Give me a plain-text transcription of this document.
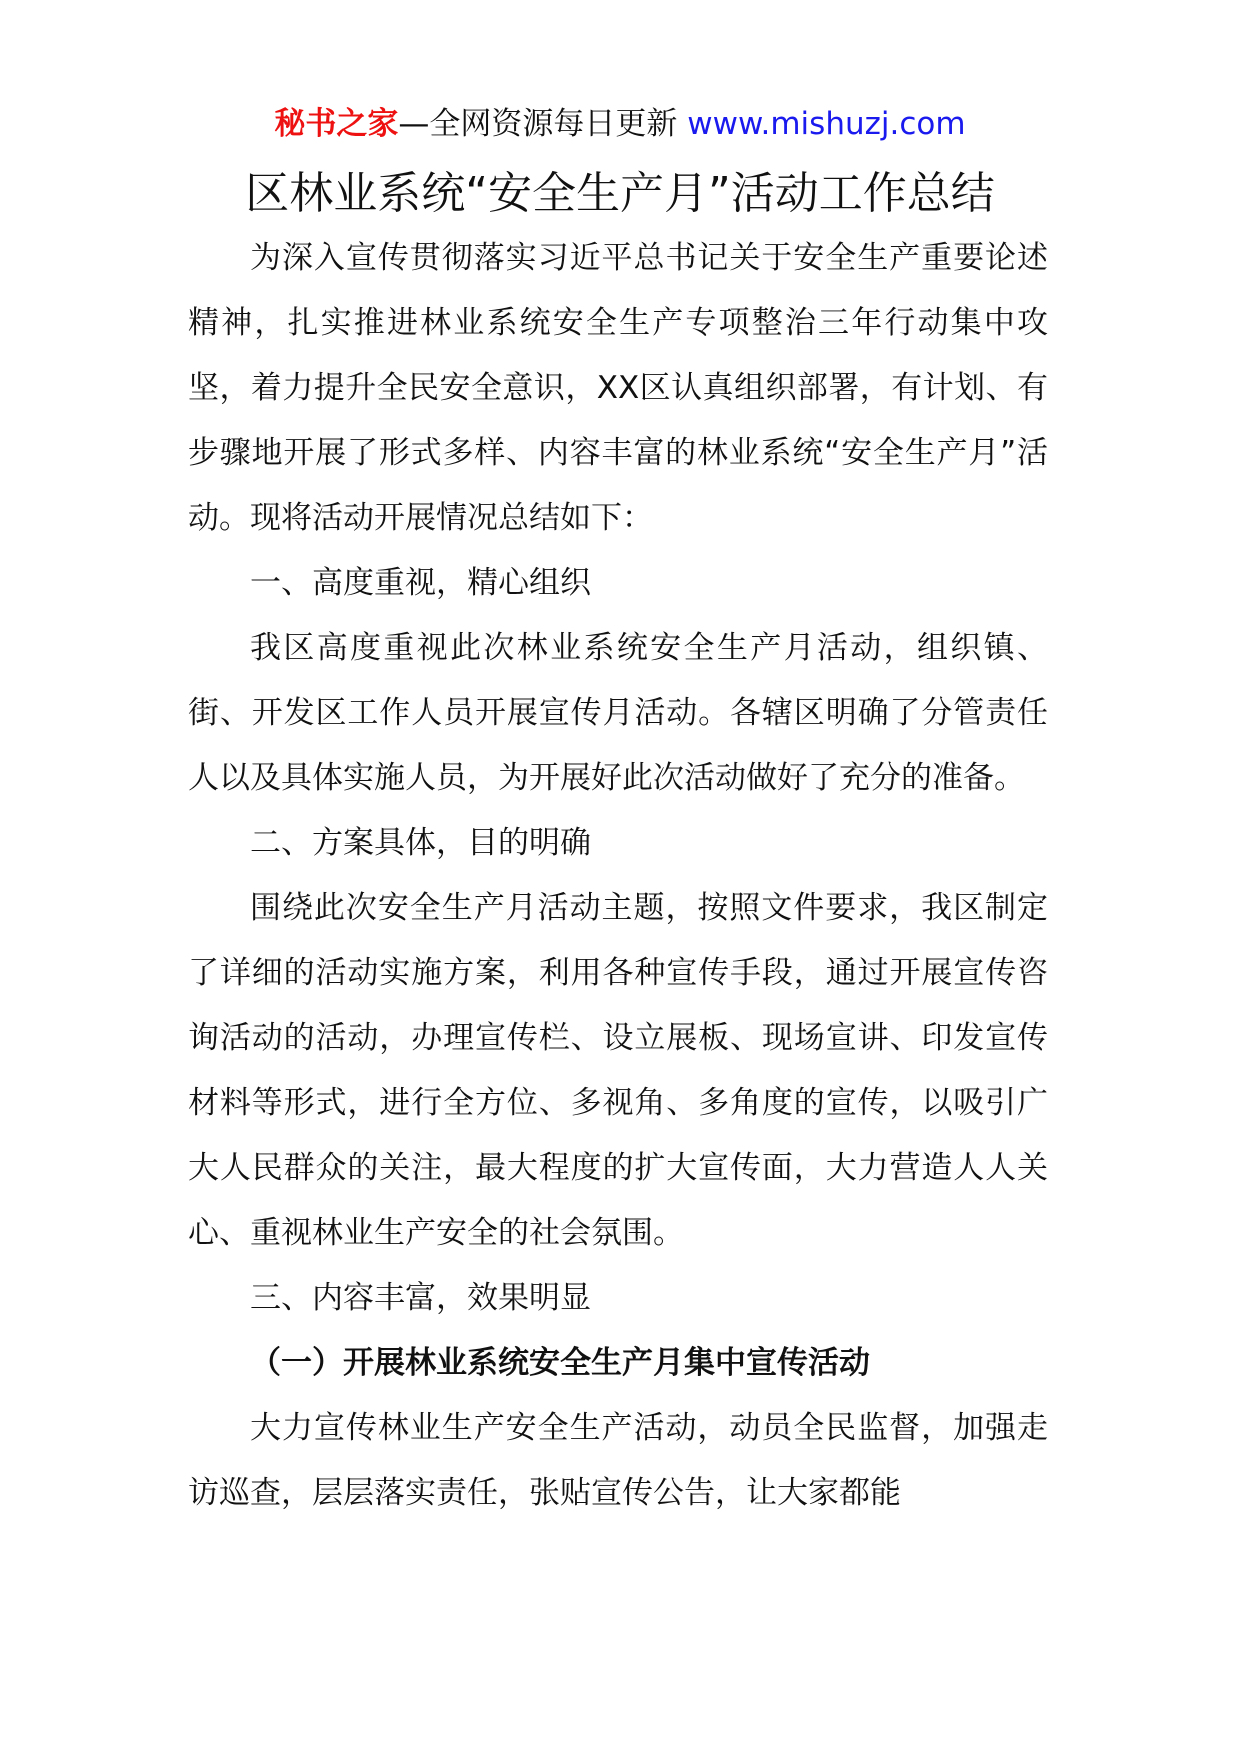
秘书之家—全网资源每日更新 www.mishuzj.com
区林业系统“安全生产月”活动工作总结

为深入宣传贯彻落实习近平总书记关于安全生产重要论述精神，扎实推进林业系统安全生产专项整治三年行动集中攻坚，着力提升全民安全意识，XX区认真组织部署，有计划、有步骤地开展了形式多样、内容丰富的林业系统“安全生产月”活动。现将活动开展情况总结如下：

一、高度重视，精心组织

我区高度重视此次林业系统安全生产月活动，组织镇、街、开发区工作人员开展宣传月活动。各辖区明确了分管责任人以及具体实施人员，为开展好此次活动做好了充分的准备。

二、方案具体，目的明确

围绕此次安全生产月活动主题，按照文件要求，我区制定了详细的活动实施方案，利用各种宣传手段，通过开展宣传咨询活动的活动，办理宣传栏、设立展板、现场宣讲、印发宣传材料等形式，进行全方位、多视角、多角度的宣传，以吸引广大人民群众的关注，最大程度的扩大宣传面，大力营造人人关心、重视林业生产安全的社会氛围。

三、内容丰富，效果明显

（一）开展林业系统安全生产月集中宣传活动

大力宣传林业生产安全生产活动，动员全民监督，加强走访巡查，层层落实责任，张贴宣传公告，让大家都能
